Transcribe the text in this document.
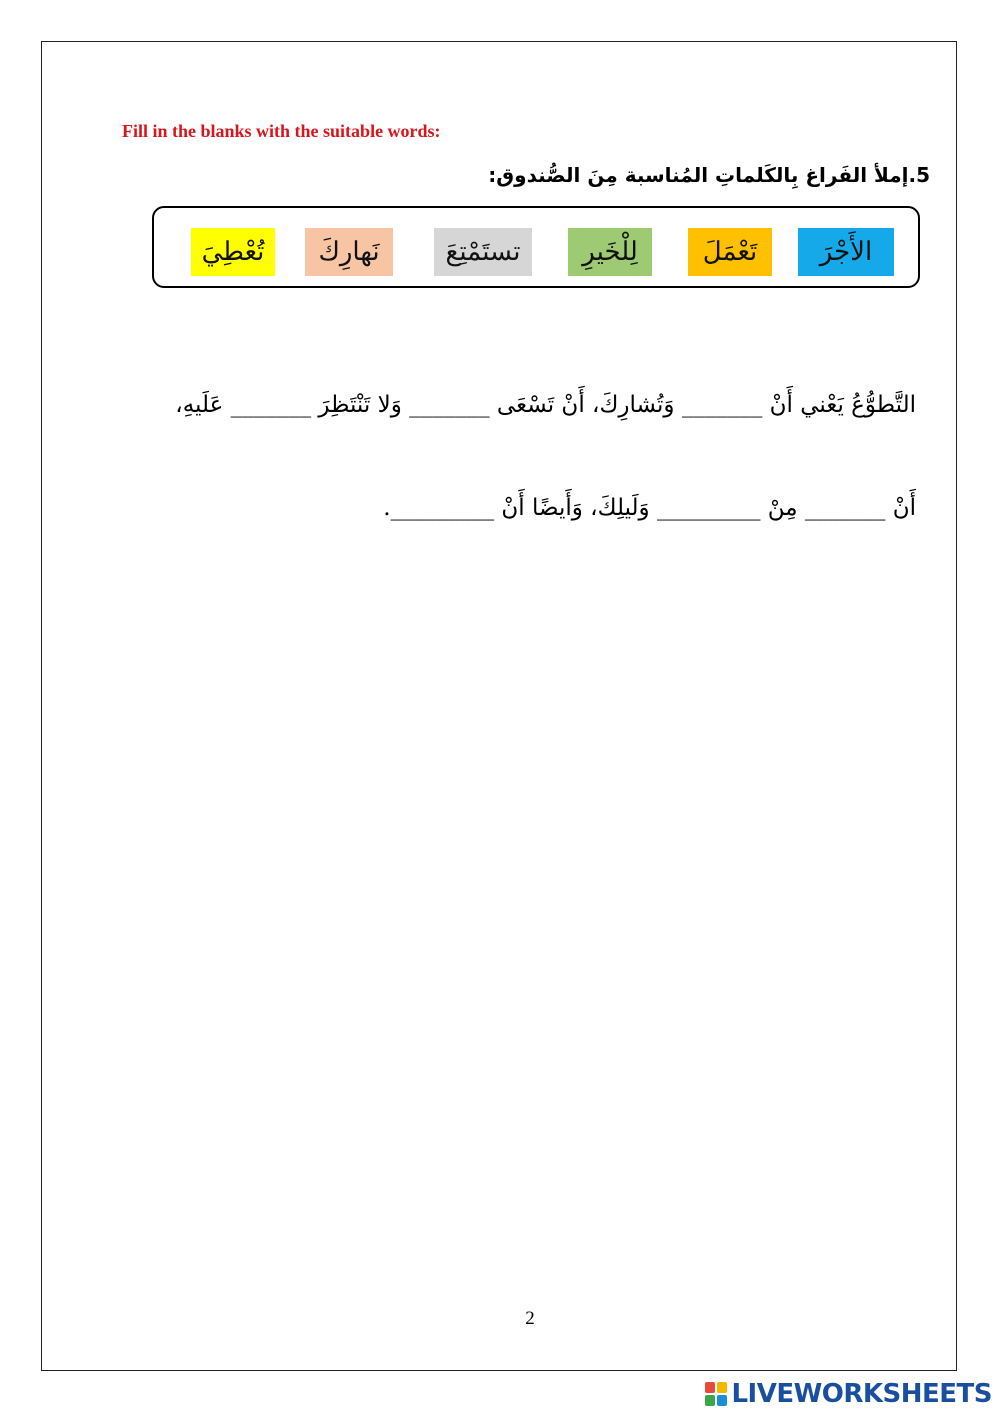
Fill in the blanks with the suitable words:
5.إملأ الفَراغ بِالكَلماتِ المُناسبة مِنَ الصُّندوق:
الأَجْرَ
تَعْمَلَ
لِلْخَيرِ
تستَمْتِعَ
نَهارِكَ
تُعْطِيَ
التَّطوُّعُ يَعْني أَنْ _______ وَتُشارِكَ، أَنْ تَسْعَى _______ وَلا تَنْتَظِرَ _______ عَلَيهِ،
أَنْ _______ مِنْ _________ وَلَيلِكَ، وَأَيضًا أَنْ _________.
2
LIVEWORKSHEETS
